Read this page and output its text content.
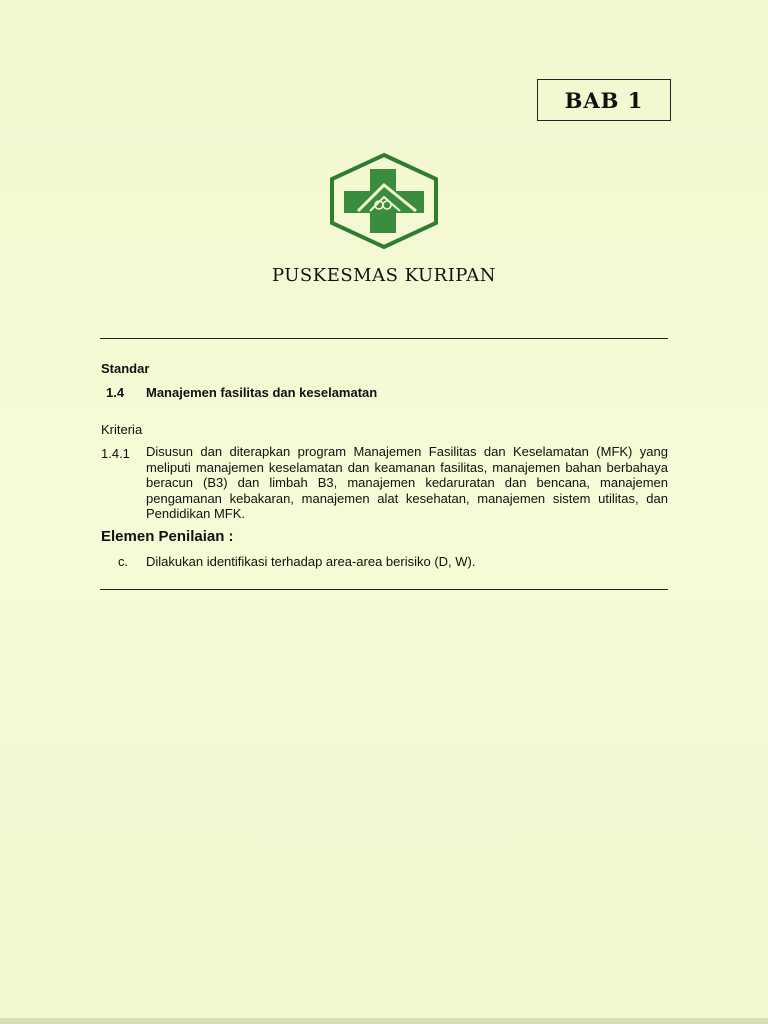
BAB 1
PUSKESMAS KURIPAN
Standar
1.4 Manajemen fasilitas dan keselamatan
Kriteria
1.4.1 Disusun dan diterapkan program Manajemen Fasilitas dan Keselamatan (MFK) yang meliputi manajemen keselamatan dan keamanan fasilitas, manajemen bahan berbahaya beracun (B3) dan limbah B3, manajemen kedaruratan dan bencana, manajemen pengamanan kebakaran, manajemen alat kesehatan, manajemen sistem utilitas, dan Pendidikan MFK.
Elemen Penilaian :
c. Dilakukan identifikasi terhadap area-area berisiko (D, W).
